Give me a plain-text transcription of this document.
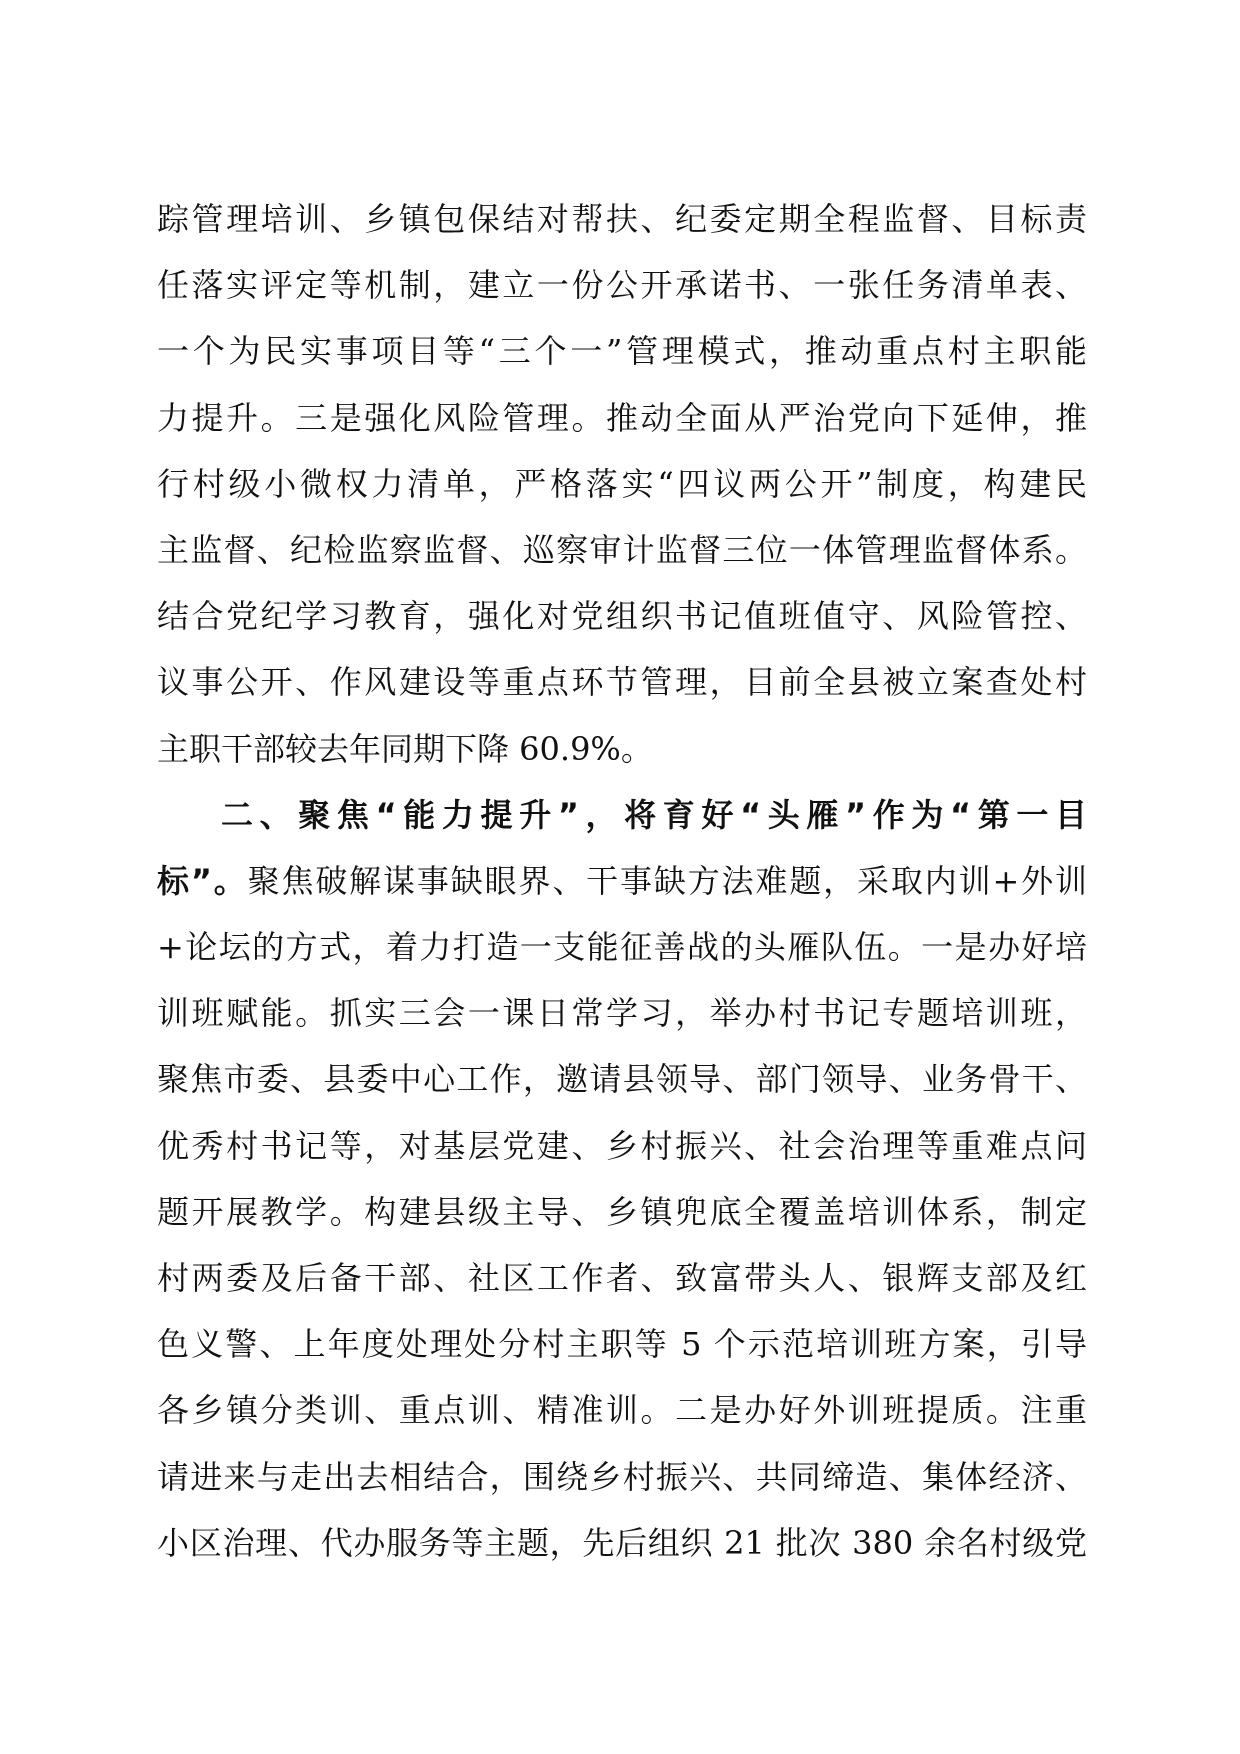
踪管理培训、乡镇包保结对帮扶、纪委定期全程监督、目标责
任落实评定等机制，建立一份公开承诺书、一张任务清单表、
一个为民实事项目等“三个一”管理模式，推动重点村主职能
力提升。三是强化风险管理。推动全面从严治党向下延伸，推
行村级小微权力清单，严格落实“四议两公开”制度，构建民
主监督、纪检监察监督、巡察审计监督三位一体管理监督体系。
结合党纪学习教育，强化对党组织书记值班值守、风险管控、
议事公开、作风建设等重点环节管理，目前全县被立案查处村
主职干部较去年同期下降 60.9%。
二、聚焦“能力提升”，将育好“头雁”作为“第一目
标”。聚焦破解谋事缺眼界、干事缺方法难题，采取内训+外训
+论坛的方式，着力打造一支能征善战的头雁队伍。一是办好培
训班赋能。抓实三会一课日常学习，举办村书记专题培训班，
聚焦市委、县委中心工作，邀请县领导、部门领导、业务骨干、
优秀村书记等，对基层党建、乡村振兴、社会治理等重难点问
题开展教学。构建县级主导、乡镇兜底全覆盖培训体系，制定
村两委及后备干部、社区工作者、致富带头人、银辉支部及红
色义警、上年度处理处分村主职等 5 个示范培训班方案，引导
各乡镇分类训、重点训、精准训。二是办好外训班提质。注重
请进来与走出去相结合，围绕乡村振兴、共同缔造、集体经济、
小区治理、代办服务等主题，先后组织 21 批次 380 余名村级党
